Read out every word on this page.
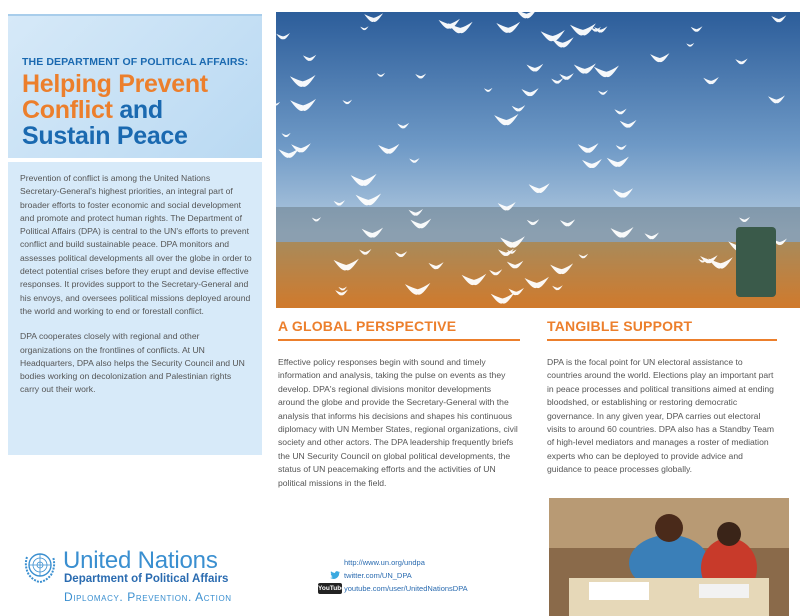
THE DEPARTMENT OF POLITICAL AFFAIRS:
Helping Prevent Conflict and
Sustain Peace

Prevention of conflict is among the United Nations Secretary-General's highest priorities, an integral part of broader efforts to foster economic and social development and promote and protect human rights. The Department of Political Affairs (DPA) is central to the UN's efforts to prevent conflict and build sustainable peace. DPA monitors and assesses political developments all over the globe in order to detect potential crises before they erupt and devise effective responses. It provides support to the Secretary-General and his envoys, and oversees political missions deployed around the world and working to end or forestall conflict.

DPA cooperates closely with regional and other organizations on the frontlines of conflicts. At UN Headquarters, DPA also helps the Security Council and UN bodies working on decolonization and Palestinian rights carry out their work.

United Nations
Department of Political Affairs
Diplomacy. Prevention. Action
A GLOBAL PERSPECTIVE

Effective policy responses begin with sound and timely information and analysis, taking the pulse on events as they develop. DPA's regional divisions monitor developments around the globe and provide the Secretary-General with the analysis that informs his decisions and shapes his continuous diplomacy with UN Member States, regional organizations, civil society and other actors. The DPA leadership frequently briefs the UN Security Council on global political developments, the status of UN peacemaking efforts and the activities of UN political missions in the field.

TANGIBLE SUPPORT

DPA is the focal point for UN electoral assistance to countries around the world. Elections play an important part in peace processes and political transitions aimed at ending bloodshed, or establishing or restoring democratic governance. In any given year, DPA carries out electoral visits to around 60 countries. DPA also has a Standby Team of high-level mediators and manages a roster of mediation experts who can be deployed to provide advice and guidance to peace processes globally.

http://www.un.org/undpa
twitter.com/UN_DPA
YouTube youtube.com/user/UnitedNationsDPA
